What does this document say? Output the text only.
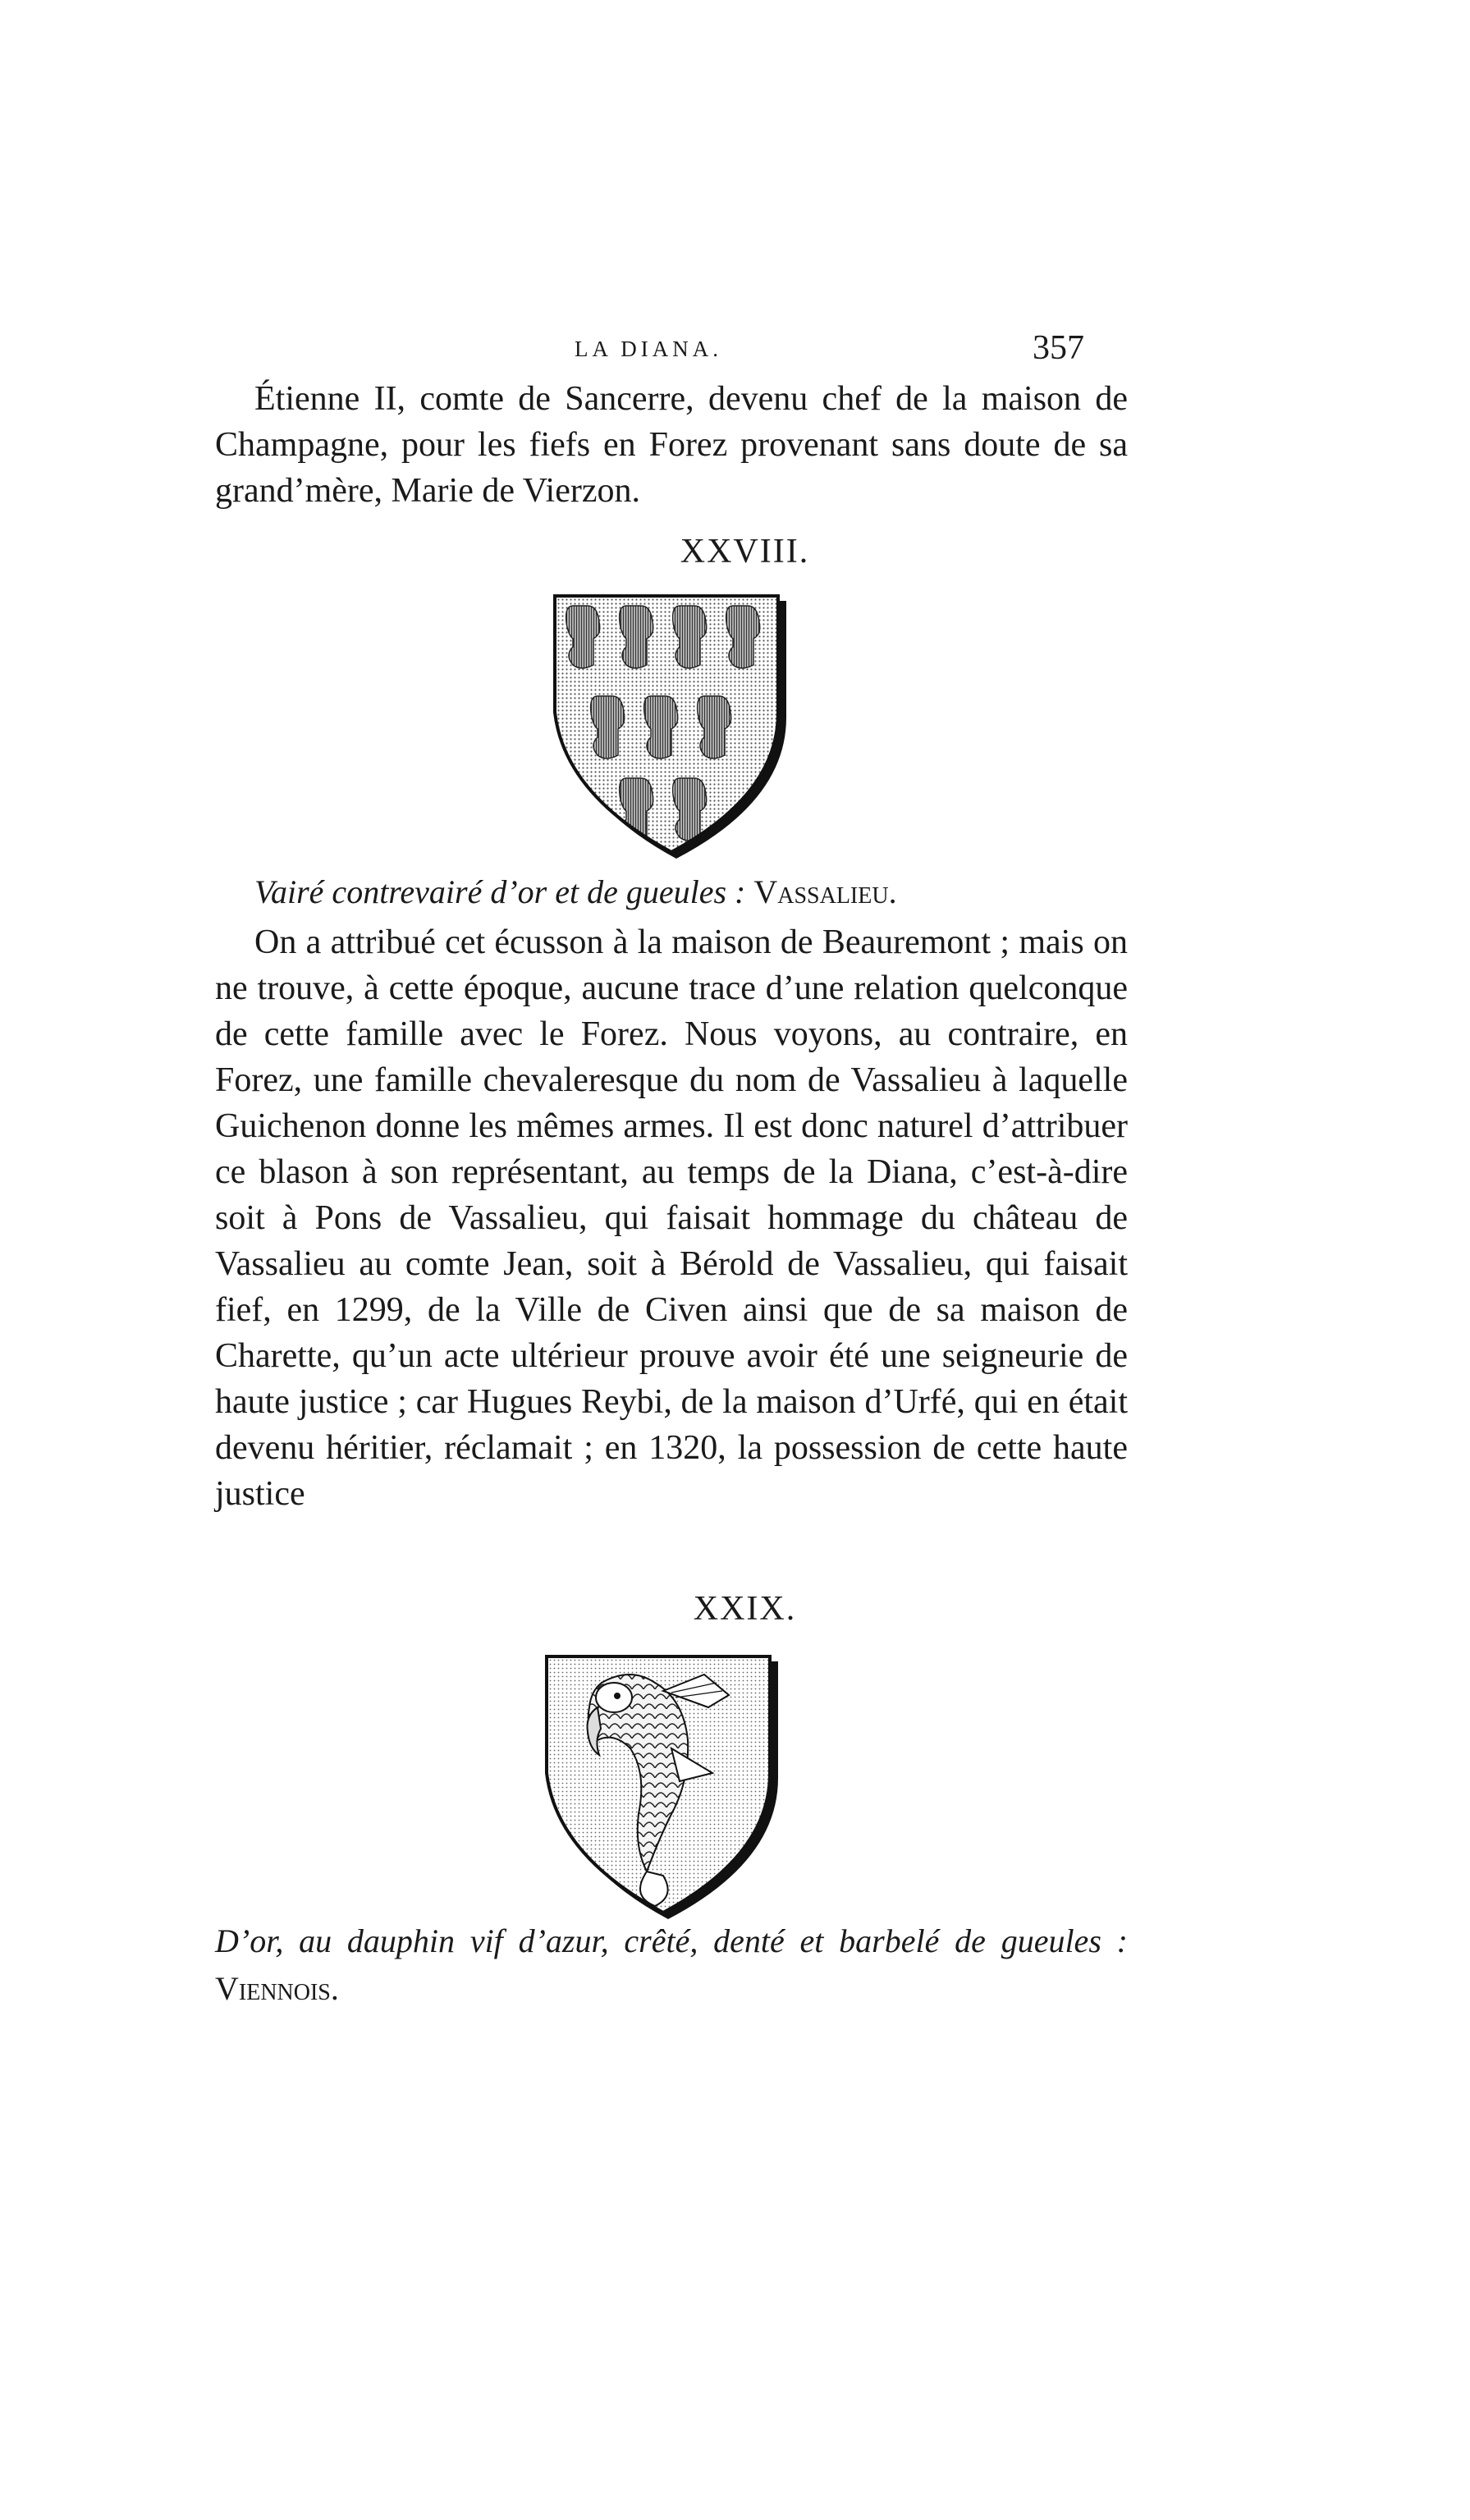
LA DIANA.	357
Étienne II, comte de Sancerre, devenu chef de la maison de Champagne, pour les fiefs en Forez provenant sans doute de sa grand’mère, Marie de Vierzon.
XXVIII.
Vairé contrevairé d’or et de gueules : Vassalieu.
On a attribué cet écusson à la maison de Beauremont ; mais on ne trouve, à cette époque, aucune trace d’une relation quelconque de cette famille avec le Forez. Nous voyons, au contraire, en Forez, une famille chevaleresque du nom de Vassalieu à laquelle Guichenon donne les mêmes armes. Il est donc naturel d’attribuer ce blason à son représentant, au temps de la Diana, c’est-à-dire soit à Pons de Vassalieu, qui faisait hommage du château de Vassalieu au comte Jean, soit à Bérold de Vassalieu, qui faisait fief, en 1299, de la Ville de Civen ainsi que de sa maison de Charette, qu’un acte ultérieur prouve avoir été une seigneurie de haute justice ; car Hugues Reybi, de la maison d’Urfé, qui en était devenu héritier, réclamait ; en 1320, la possession de cette haute justice
XXIX.
D’or, au dauphin vif d’azur, crêté, denté et barbelé de gueules : Viennois.
